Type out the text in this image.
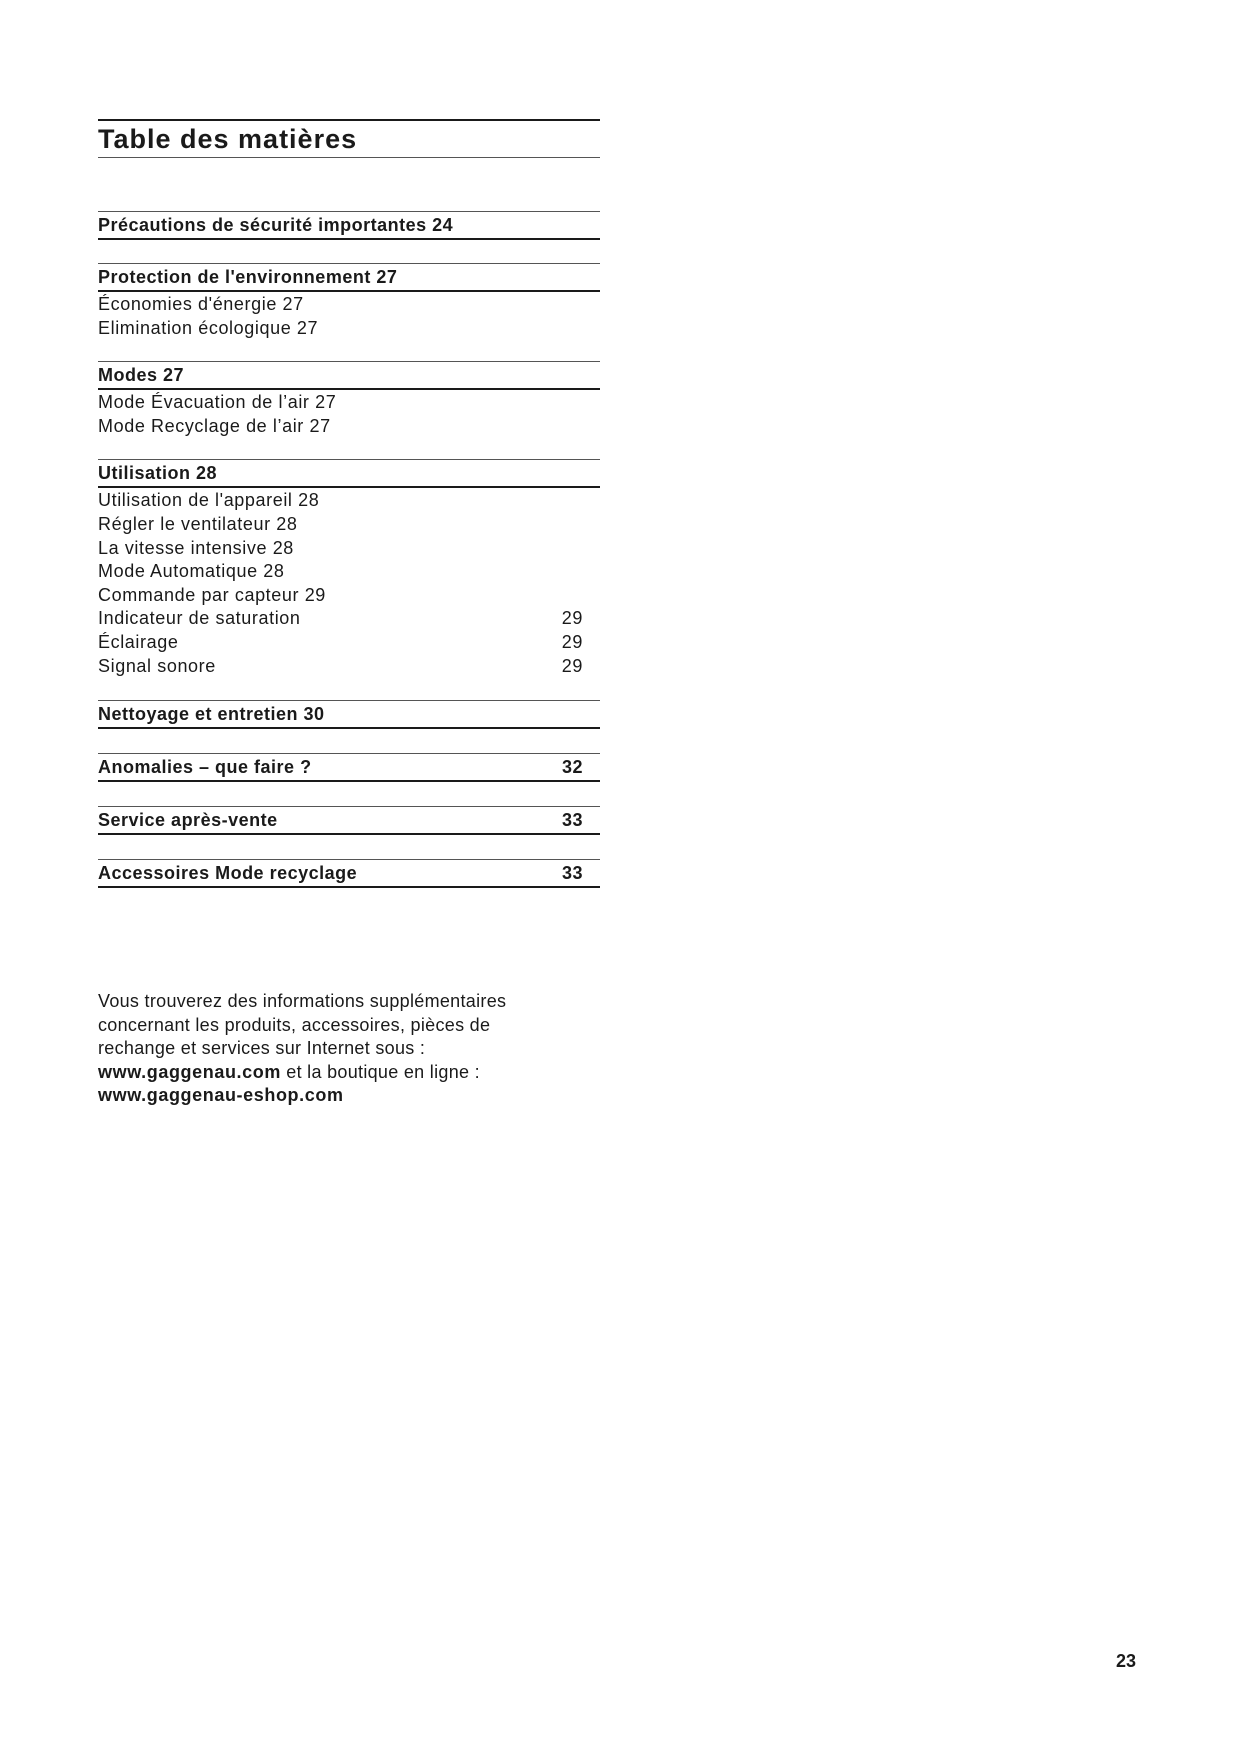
Table des matières
Précautions de sécurité importantes 24
Protection de l'environnement 27
Économies d'énergie 27
Elimination écologique 27
Modes 27
Mode Évacuation de l’air 27
Mode Recyclage de l’air 27
Utilisation 28
Utilisation de l'appareil 28
Régler le ventilateur 28
La vitesse intensive 28
Mode Automatique 28
Commande par capteur 29
Indicateur de saturation	29
Éclairage	29
Signal sonore	29
Nettoyage et entretien 30
Anomalies – que faire ?	32
Service après-vente	33
Accessoires Mode recyclage	33

Vous trouverez des informations supplémentaires

concernant les produits, accessoires, pièces de

rechange et services sur Internet sous :

www.gaggenau.com et la boutique en ligne :

www.gaggenau-eshop.com

23
